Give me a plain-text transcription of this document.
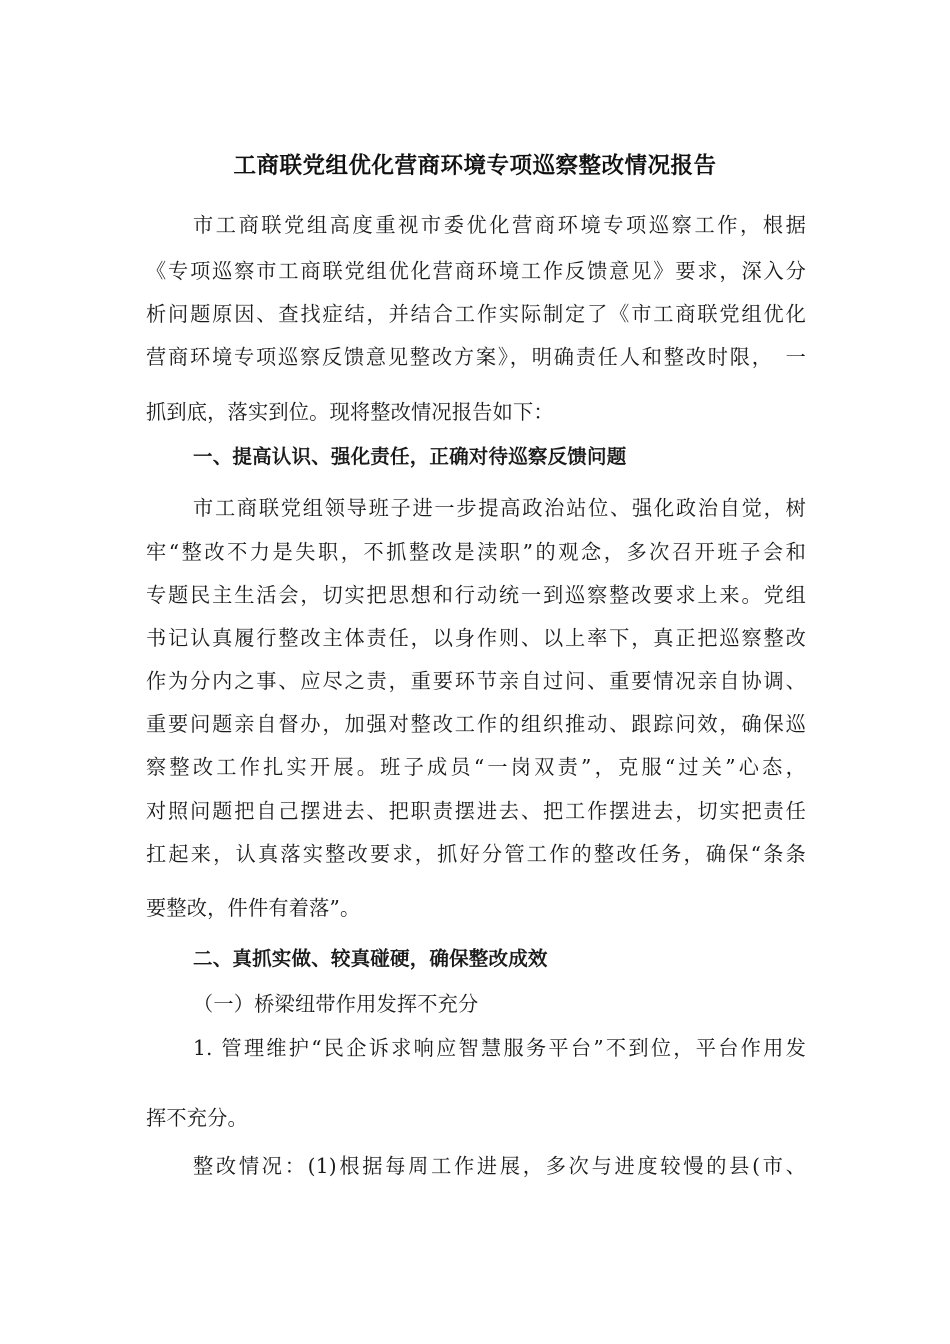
工商联党组优化营商环境专项巡察整改情况报告
市工商联党组高度重视市委优化营商环境专项巡察工作，根据
《专项巡察市工商联党组优化营商环境工作反馈意见》要求，深入分
析问题原因、查找症结，并结合工作实际制定了《市工商联党组优化
营商环境专项巡察反馈意见整改方案》，明确责任人和整改时限，　一
抓到底，落实到位。现将整改情况报告如下：
一、提高认识、强化责任，正确对待巡察反馈问题
市工商联党组领导班子进一步提高政治站位、强化政治自觉，树
牢“整改不力是失职，不抓整改是渎职”的观念，多次召开班子会和
专题民主生活会，切实把思想和行动统一到巡察整改要求上来。党组
书记认真履行整改主体责任，以身作则、以上率下，真正把巡察整改
作为分内之事、应尽之责，重要环节亲自过问、重要情况亲自协调、
重要问题亲自督办，加强对整改工作的组织推动、跟踪问效，确保巡
察整改工作扎实开展。班子成员“一岗双责”，克服“过关”心态，
对照问题把自己摆进去、把职责摆进去、把工作摆进去，切实把责任
扛起来，认真落实整改要求，抓好分管工作的整改任务，确保“条条
要整改，件件有着落”。
二、真抓实做、较真碰硬，确保整改成效
（一）桥梁纽带作用发挥不充分
1. 管理维护“民企诉求响应智慧服务平台”不到位，平台作用发
挥不充分。
整改情况：(1)根据每周工作进展，多次与进度较慢的县(市、
